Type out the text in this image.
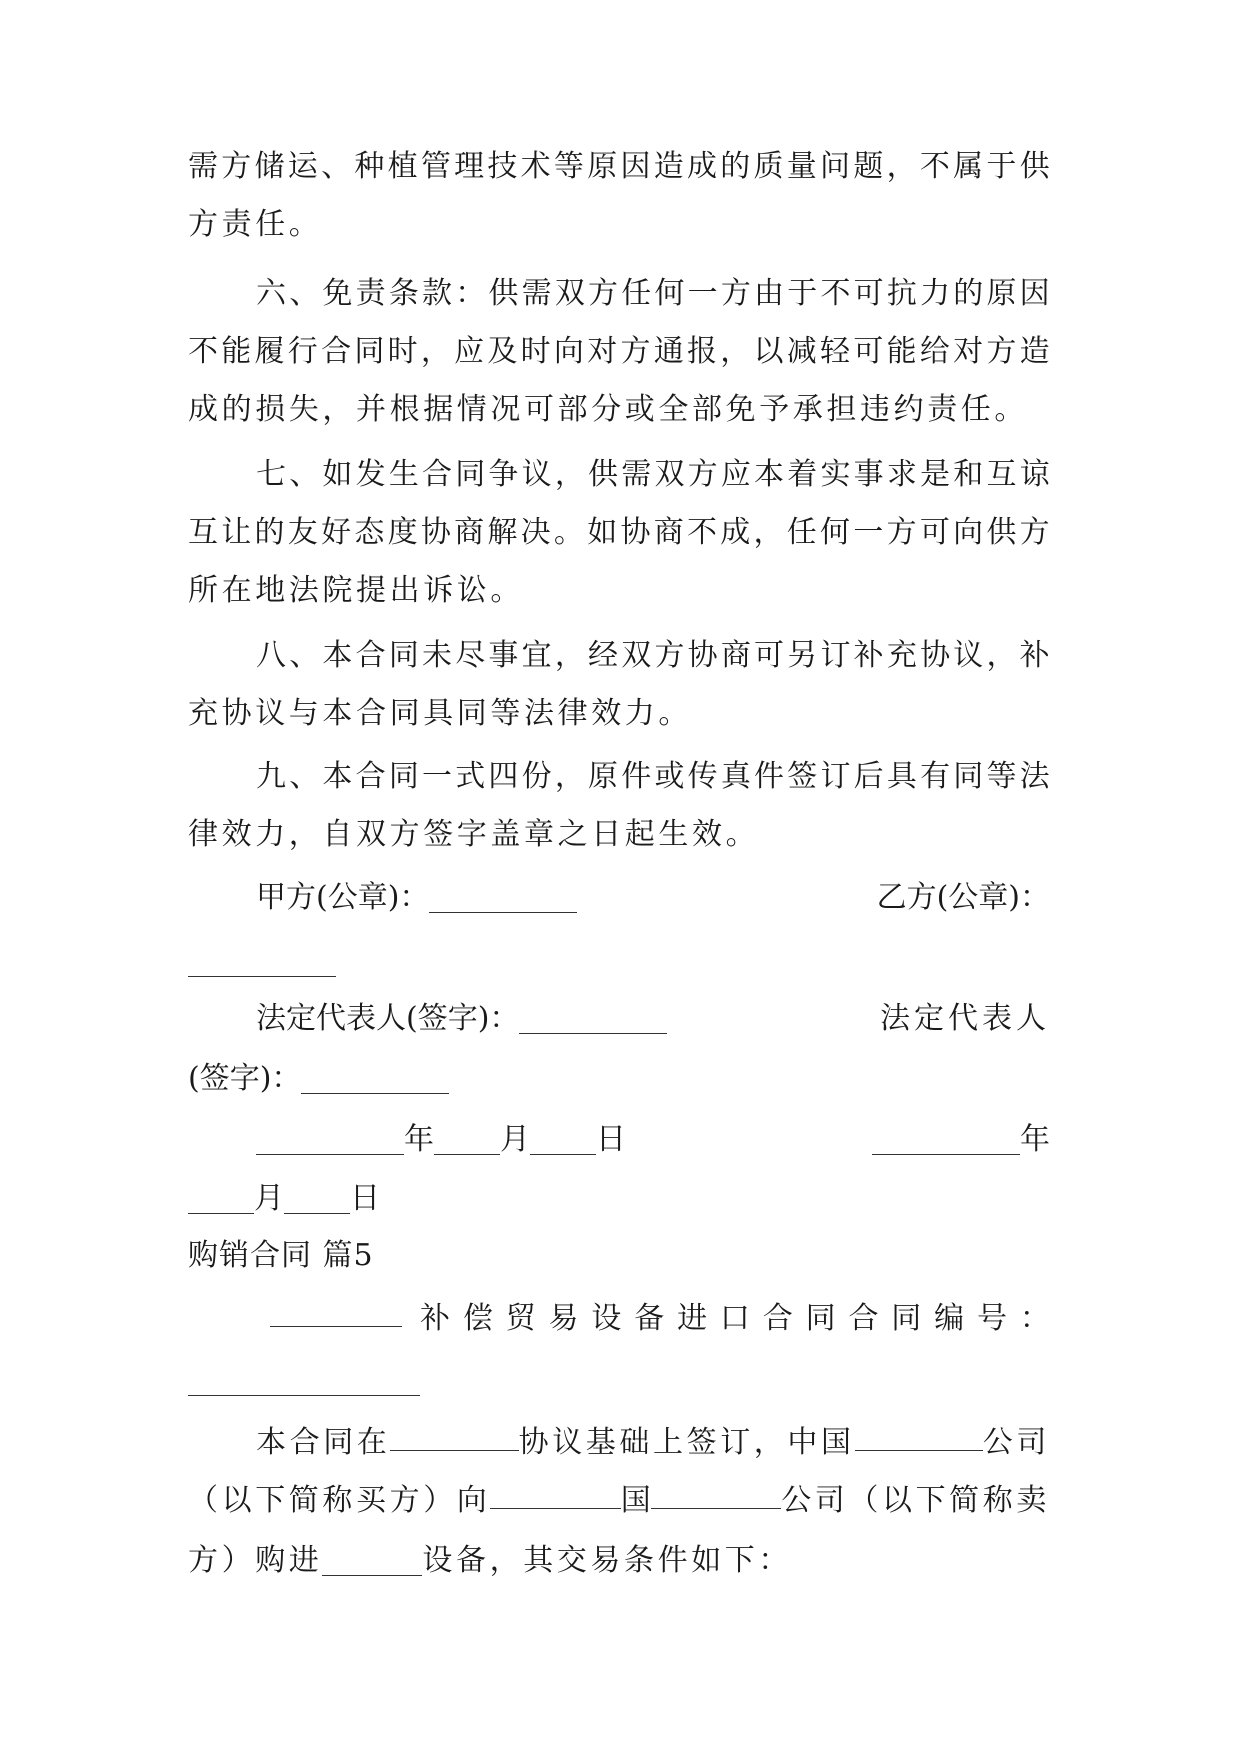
需 方 储 运 、 种 植 管 理 技 术 等 原 因 造 成 的 质 量 问 题 ， 不 属 于 供
方责任。
六 、 免 责 条 款 ： 供 需 双 方 任 何 一 方 由 于 不 可 抗 力 的 原 因
不 能 履 行 合 同 时 ， 应 及 时 向 对 方 通 报 ， 以 减 轻 可 能 给 对 方 造
成的损失，并根据情况可部分或全部免予承担违约责任。
七 、 如 发 生 合 同 争 议 ， 供 需 双 方 应 本 着 实 事 求 是 和 互 谅
互 让 的 友 好 态 度 协 商 解 决 。 如 协 商 不 成 ， 任 何 一 方 可 向 供 方
所在地法院提出诉讼。
八 、 本 合 同 未 尽 事 宜 ， 经 双 方 协 商 可 另 订 补 充 协 议 ， 补
充协议与本合同具同等法律效力。
九 、 本 合 同 一 式 四 份 ， 原 件 或 传 真 件 签 订 后 具 有 同 等 法
律效力，自双方签字盖章之日起生效。
甲方(公章)：	乙方(公章)：
法定代表人(签字)：	法定代表人
(签字)：
年 月 日	年
月 日
购销合同 篇5
补 偿 贸 易 设 备 进 口 合 同 合 同 编 号 ：
本合同在	协议基础上签订，中国	公司
（以下简称买方）向	国	公司（以下简称卖
方）购进	设备，其交易条件如下：
